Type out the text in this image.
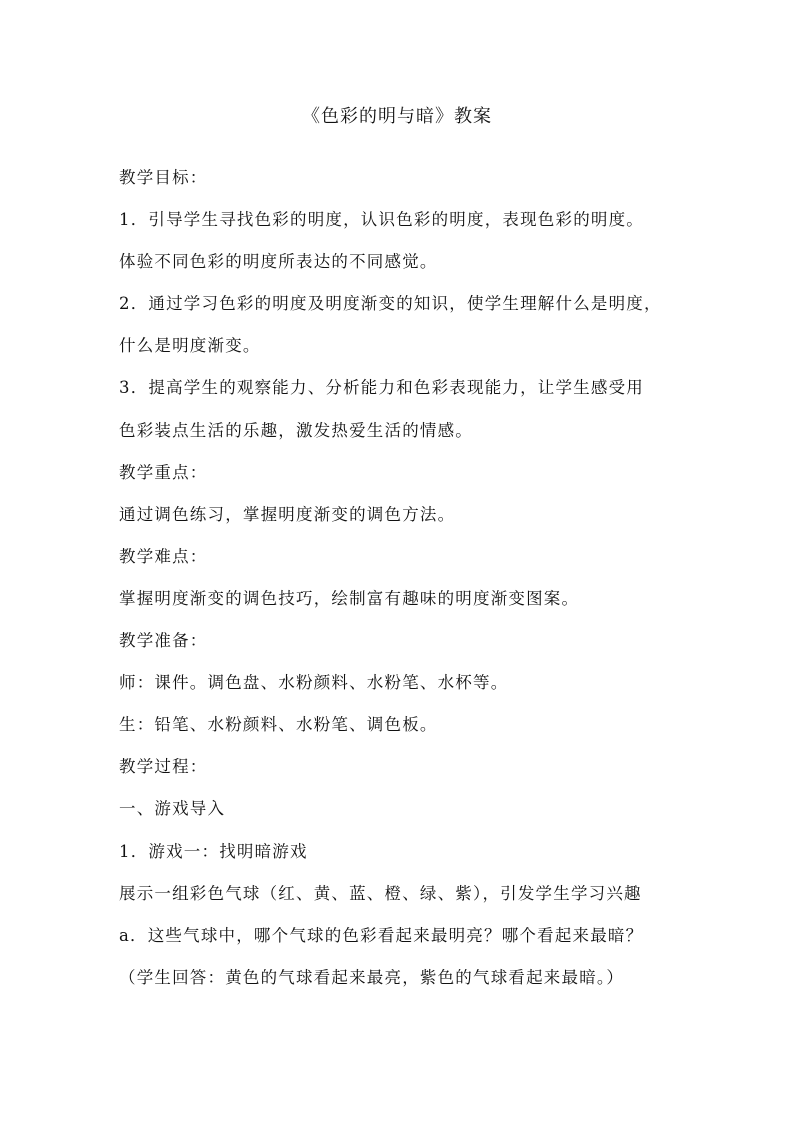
《色彩的明与暗》教案
教学目标：
1．引导学生寻找色彩的明度，认识色彩的明度，表现色彩的明度。
体验不同色彩的明度所表达的不同感觉。
2．通过学习色彩的明度及明度渐变的知识，使学生理解什么是明度，
什么是明度渐变。
3．提高学生的观察能力、分析能力和色彩表现能力，让学生感受用
色彩装点生活的乐趣，激发热爱生活的情感。
教学重点：
通过调色练习，掌握明度渐变的调色方法。
教学难点：
掌握明度渐变的调色技巧，绘制富有趣味的明度渐变图案。
教学准备：
师：课件。调色盘、水粉颜料、水粉笔、水杯等。
生：铅笔、水粉颜料、水粉笔、调色板。
教学过程：
一、游戏导入
1．游戏一：找明暗游戏
展示一组彩色气球（红、黄、蓝、橙、绿、紫），引发学生学习兴趣
a．这些气球中，哪个气球的色彩看起来最明亮？哪个看起来最暗？
（学生回答：黄色的气球看起来最亮，紫色的气球看起来最暗。）
